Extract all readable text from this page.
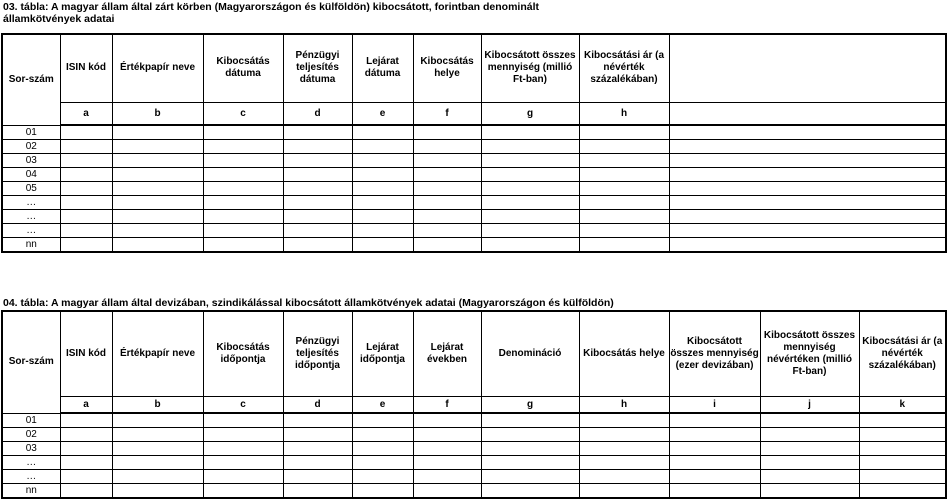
03. tábla: A magyar állam által zárt körben (Magyarországon és külföldön) kibocsátott, forintban denominált
államkötvények adatai
Sor-szám	ISIN kód	Értékpapír neve	Kibocsátás dátuma	Pénzügyi teljesítés dátuma	Lejárat dátuma	Kibocsátás helye	Kibocsátott összes mennyiség (millió Ft-ban)	Kibocsátási ár (a névérték százalékában)	
	a	b	c	d	e	f	g	h	
01									
02									
03									
04									
05									
…									
…									
…									
nn									
04. tábla: A magyar állam által devizában, szindikálással kibocsátott államkötvények adatai (Magyarországon és külföldön)
Sor-szám	ISIN kód	Értékpapír neve	Kibocsátás időpontja	Pénzügyi teljesítés időpontja	Lejárat időpontja	Lejárat években	Denomináció	Kibocsátás helye	Kibocsátott összes mennyiség (ezer devizában)	Kibocsátott összes mennyiség névértéken (millió Ft-ban)	Kibocsátási ár (a névérték százalékában)
	a	b	c	d	e	f	g	h	i	j	k
01											
02											
03											
…											
…											
nn											
